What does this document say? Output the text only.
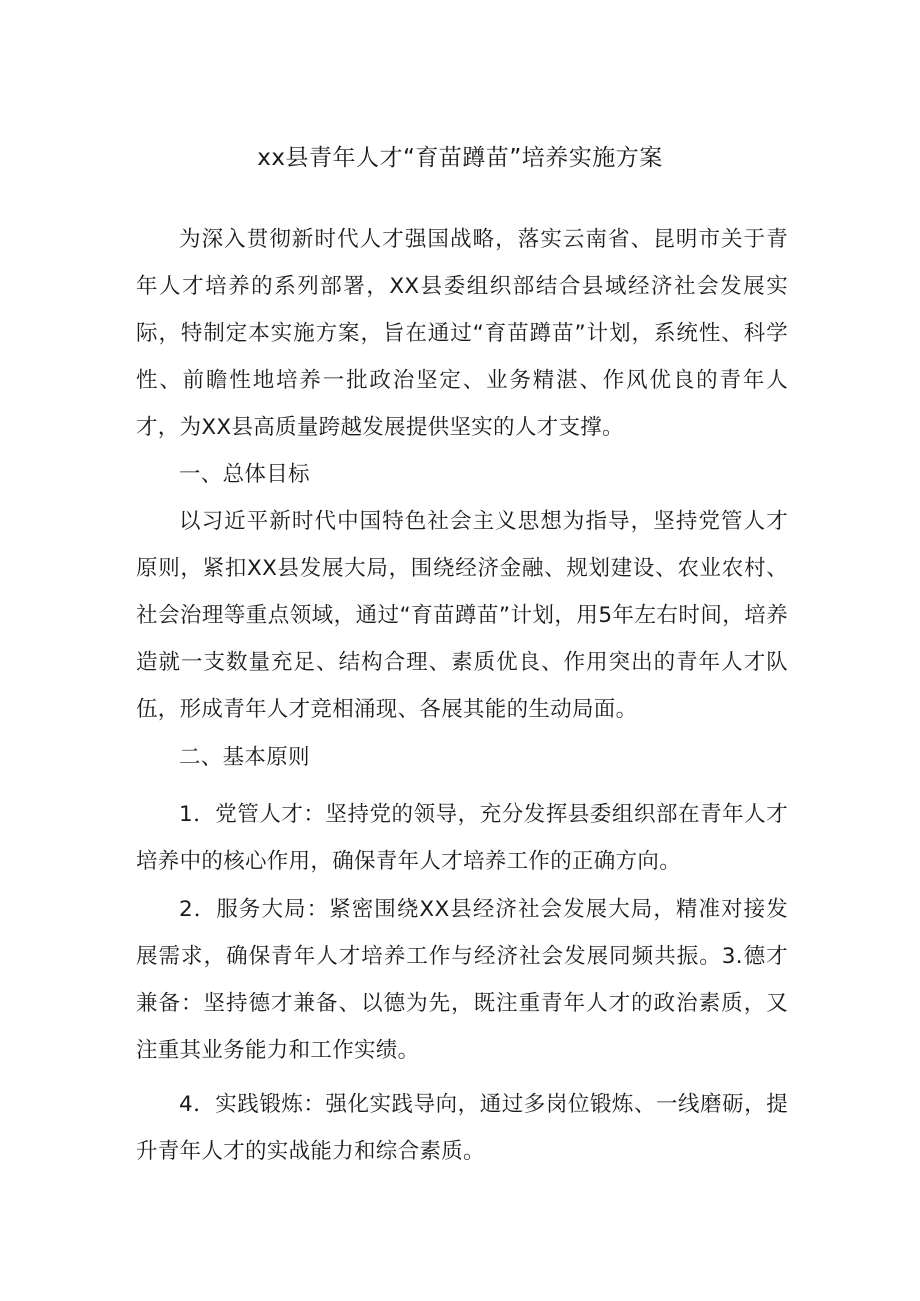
xx县青年人才“育苗蹲苗”培养实施方案

为深入贯彻新时代人才强国战略，落实云南省、昆明市关于青年人才培养的系列部署，XX县委组织部结合县域经济社会发展实际，特制定本实施方案，旨在通过“育苗蹲苗”计划，系统性、科学性、前瞻性地培养一批政治坚定、业务精湛、作风优良的青年人才，为XX县高质量跨越发展提供坚实的人才支撑。

一、总体目标

以习近平新时代中国特色社会主义思想为指导，坚持党管人才原则，紧扣XX县发展大局，围绕经济金融、规划建设、农业农村、社会治理等重点领域，通过“育苗蹲苗”计划，用5年左右时间，培养造就一支数量充足、结构合理、素质优良、作用突出的青年人才队伍，形成青年人才竞相涌现、各展其能的生动局面。

二、基本原则

1．党管人才：坚持党的领导，充分发挥县委组织部在青年人才培养中的核心作用，确保青年人才培养工作的正确方向。

2．服务大局：紧密围绕XX县经济社会发展大局，精准对接发展需求，确保青年人才培养工作与经济社会发展同频共振。3.德才兼备：坚持德才兼备、以德为先，既注重青年人才的政治素质，又注重其业务能力和工作实绩。

4．实践锻炼：强化实践导向，通过多岗位锻炼、一线磨砺，提升青年人才的实战能力和综合素质。
